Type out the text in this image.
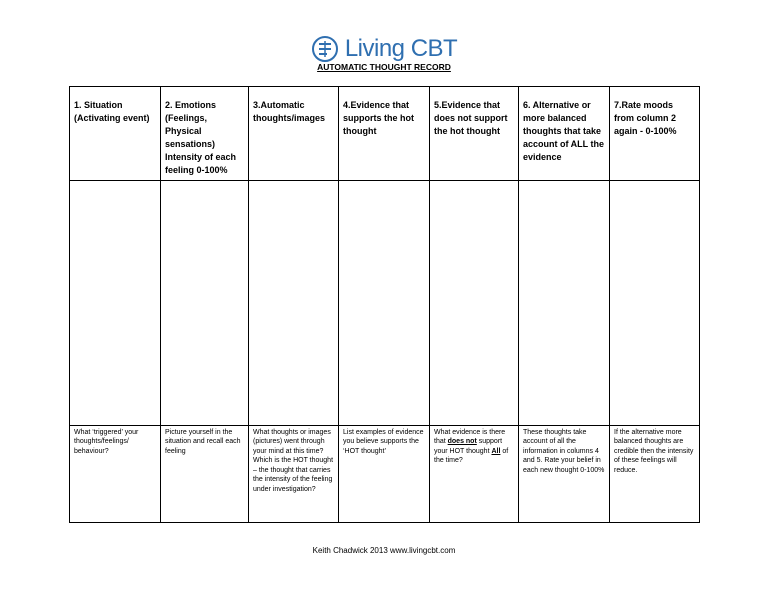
Living CBT
AUTOMATIC THOUGHT RECORD
1. Situation (Activating event)	2. Emotions (Feelings, Physical sensations) Intensity of each feeling 0-100%	3.Automatic thoughts/images	4.Evidence that supports the hot thought	5.Evidence that does not support the hot thought	6. Alternative or more balanced thoughts that take account of ALL the evidence	7.Rate moods from column 2 again - 0-100%

What ‘triggered’ your thoughts/feelings/ behaviour?	Picture yourself in the situation and recall each feeling	What thoughts or images (pictures) went through your mind at this time? Which is the HOT thought – the thought that carries the intensity of the feeling under investigation?	List examples of evidence you believe supports the ‘HOT thought’	What evidence is there that does not support your HOT thought All of the time?	These thoughts take account of all the information in columns 4 and 5. Rate your belief in each new thought 0-100%	If the alternative more balanced thoughts are credible then the intensity of these feelings will reduce.
Keith Chadwick 2013 www.livingcbt.com
